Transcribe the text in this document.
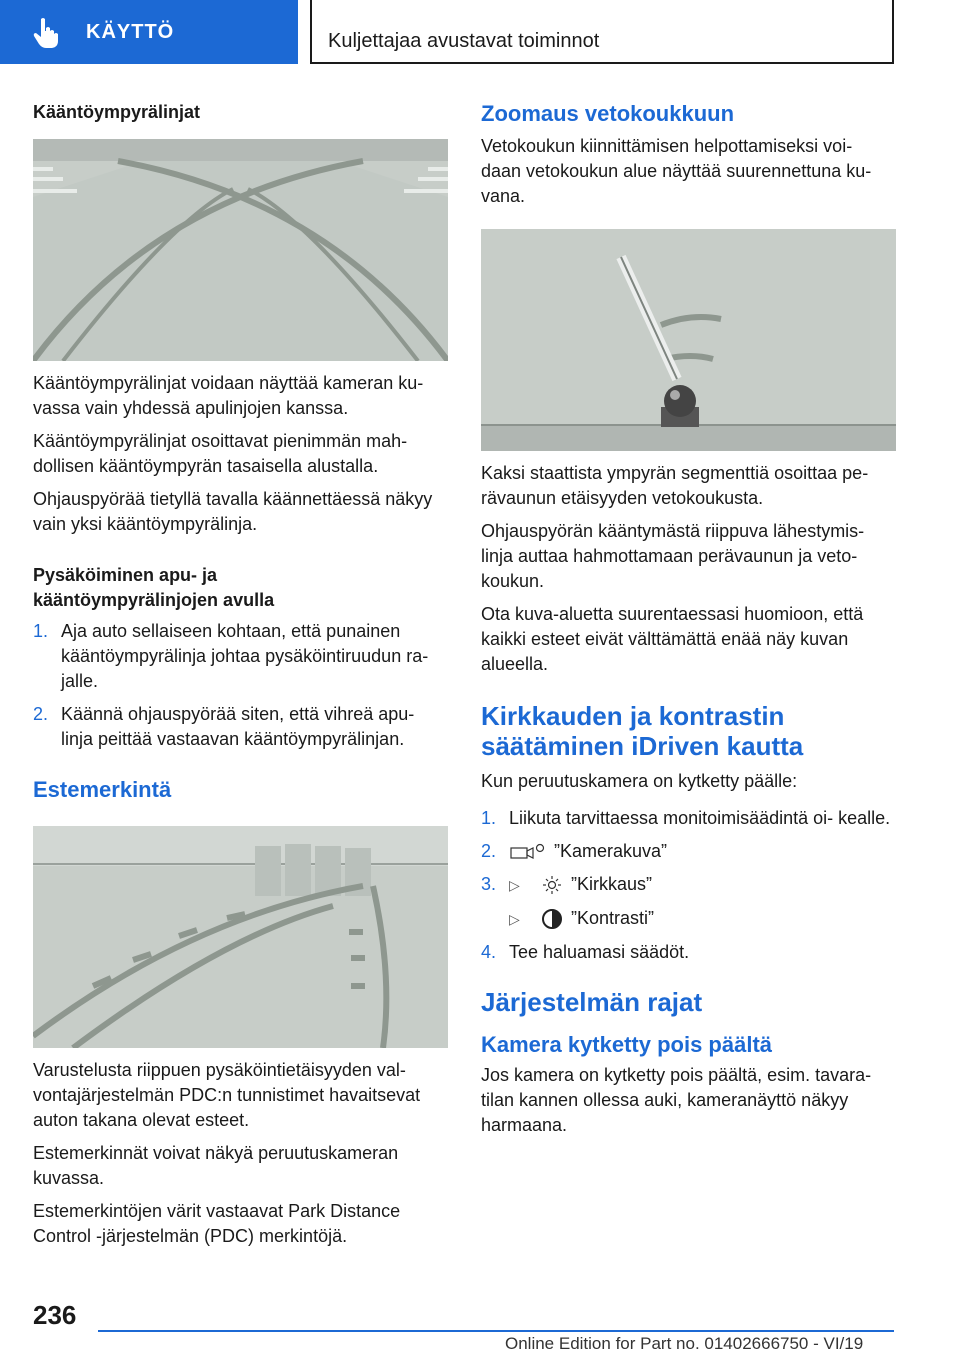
KÄYTTÖ	Kuljettajaa avustavat toiminnot
Kääntöympyrälinjat

Kääntöympyrälinjat voidaan näyttää kameran ku- vassa vain yhdessä apulinjojen kanssa.

Kääntöympyrälinjat osoittavat pienimmän mah- dollisen kääntöympyrän tasaisella alustalla.

Ohjauspyörää tietyllä tavalla käännettäessä näkyy vain yksi kääntöympyrälinja.

Pysäköiminen apu- ja
kääntöympyrälinjojen avulla
1. Aja auto sellaiseen kohtaan, että punainen kääntöympyrälinja johtaa pysäköintiruudun ra- jalle.
2. Käännä ohjauspyörää siten, että vihreä apu- linja peittää vastaavan kääntöympyrälinjan.
Estemerkintä

Varustelusta riippuen pysäköintietäisyyden val- vontajärjestelmän PDC:n tunnistimet havaitsevat auton takana olevat esteet.

Estemerkinnät voivat näkyä peruutuskameran kuvassa.

Estemerkintöjen värit vastaavat Park Distance Control -järjestelmän (PDC) merkintöjä.

Zoomaus vetokoukkuun

Vetokoukun kiinnittämisen helpottamiseksi voi- daan vetokoukun alue näyttää suurennettuna ku- vana.

Kaksi staattista ympyrän segmenttiä osoittaa pe- rävaunun etäisyyden vetokoukusta.

Ohjauspyörän kääntymästä riippuva lähestymis- linja auttaa hahmottamaan perävaunun ja veto- koukun.

Ota kuva-aluetta suurentaessasi huomioon, että kaikki esteet eivät välttämättä enää näy kuvan alueella.

Kirkkauden ja kontrastin
säätäminen iDriven kautta

Kun peruutuskamera on kytketty päälle:

1. Liikuta tarvittaessa monitoimisäädintä oi- kealle.
2.	”Kamerakuva”
3. ▷	”Kirkkaus”
▷	”Kontrasti”
4. Tee haluamasi säädöt.
Järjestelmän rajat
Kamera kytketty pois päältä

Jos kamera on kytketty pois päältä, esim. tavara- tilan kannen ollessa auki, kameranäyttö näkyy harmaana.

236
Online Edition for Part no. 01402666750 - VI/19
